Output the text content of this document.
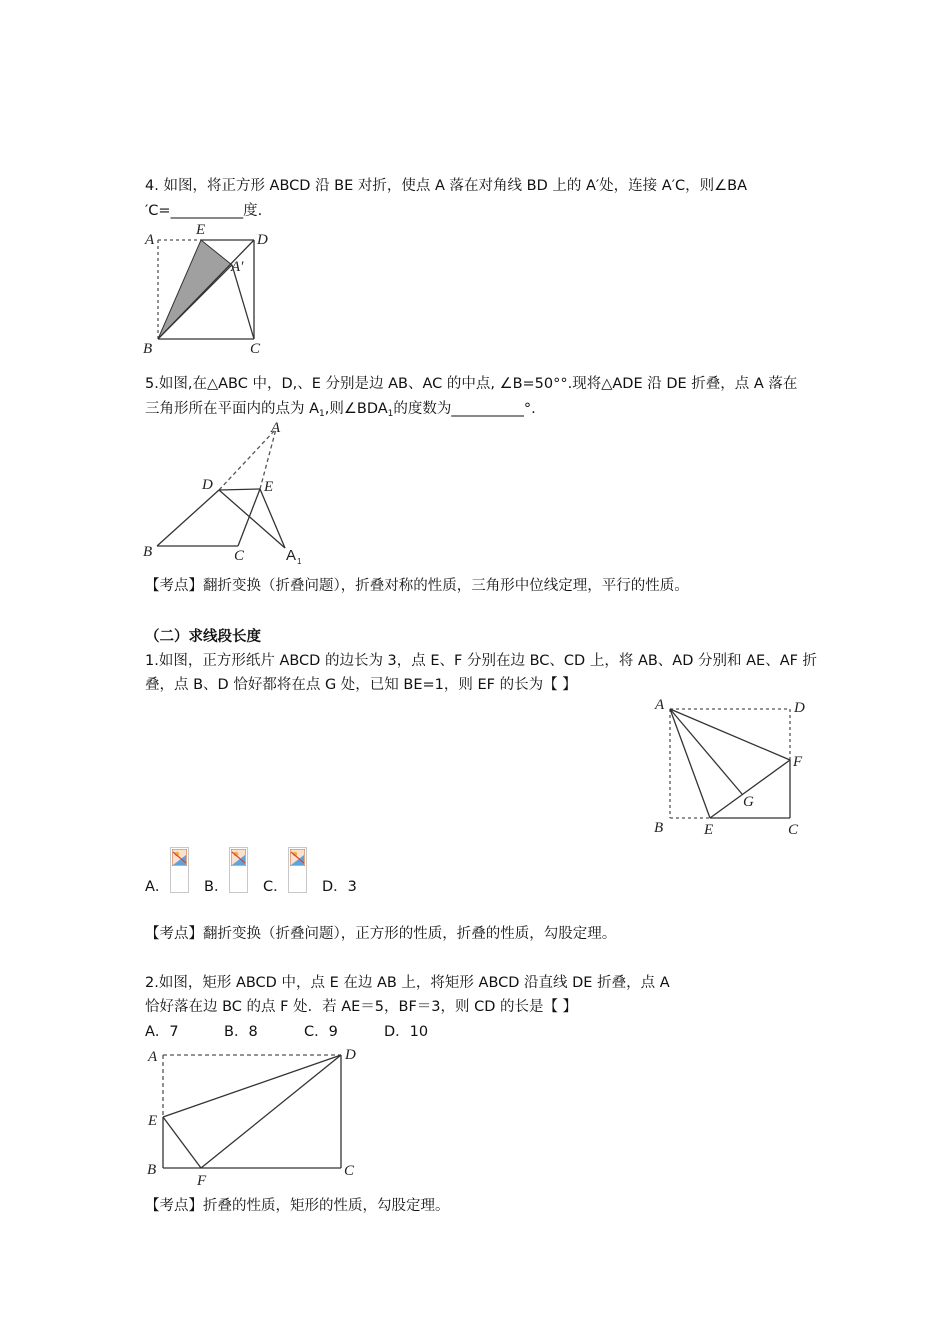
4. 如图，将正方形 ABCD 沿 BE 对折，使点 A 落在对角线 BD 上的 A′处，连接 A′C，则∠BA
′C=__________度.
A
E
D
A′
B	C
5.如图,在△ABC 中，D,、E 分别是边 AB、AC 的中点, ∠B=50°°.现将△ADE 沿 DE 折叠，点 A 落在
三角形所在平面内的点为 $A_1$,则$\angle BDA_1$的度数为__________°.
A
D	E
B	C	A 1
【考点】翻折变换（折叠问题），折叠对称的性质，三角形中位线定理，平行的性质。
（二）求线段长度
1.如图，正方形纸片 ABCD 的边长为 3，点 E、F 分别在边 BC、CD 上，将 AB、AD 分别和 AE、AF 折
叠，点 B、D 恰好都将在点 G 处，已知 BE=1，则 EF 的长为【 】
A	D
F
G
B	E	C
A． B． C． D．3
【考点】翻折变换（折叠问题），正方形的性质，折叠的性质，勾股定理。
2.如图，矩形 ABCD 中，点 E 在边 AB 上，将矩形 ABCD 沿直线 DE 折叠，点 A
恰好落在边 BC 的点 F 处．若 AE＝5，BF＝3，则 CD 的长是【 】
A．7	B．8	C．9	D．10
A	D
E
B
F
C
【考点】折叠的性质，矩形的性质，勾股定理。
